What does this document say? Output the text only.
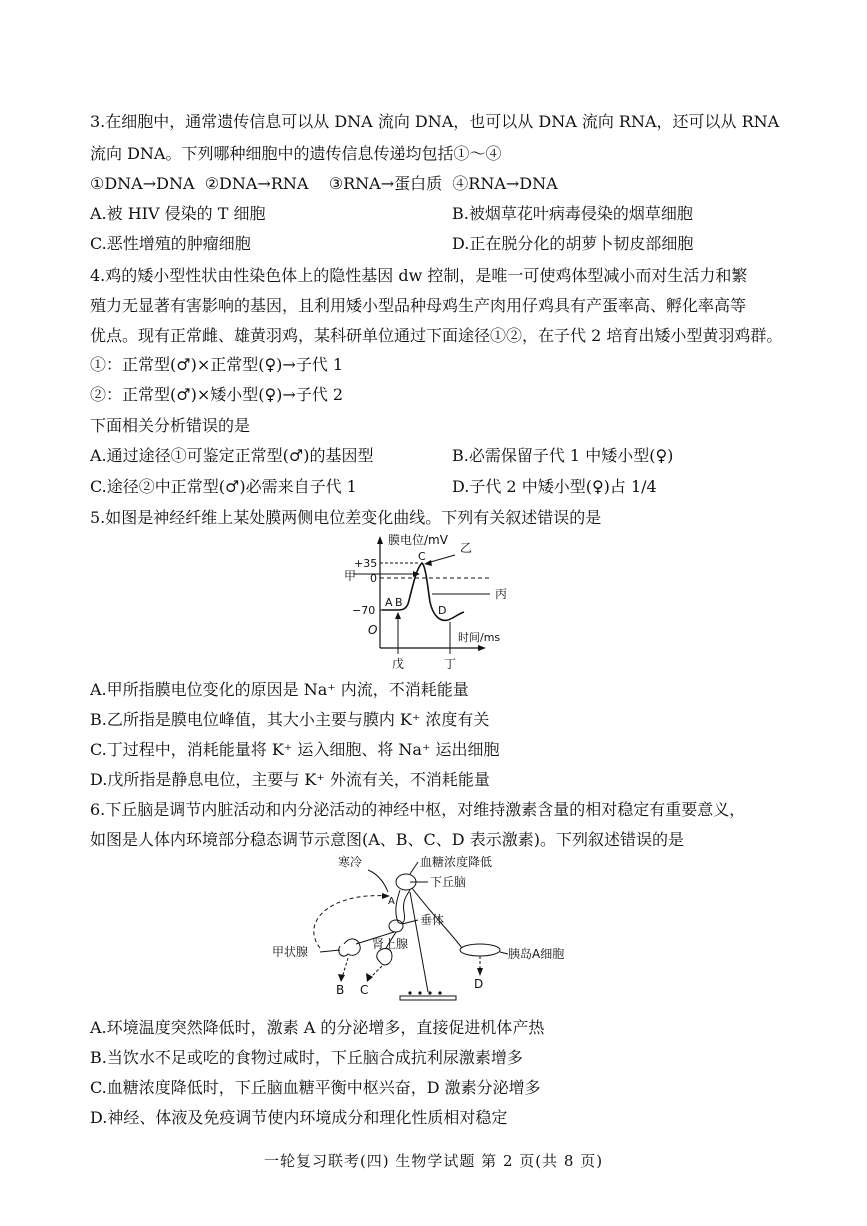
3.在细胞中，通常遗传信息可以从 DNA 流向 DNA，也可以从 DNA 流向 RNA，还可以从 RNA
流向 DNA。下列哪种细胞中的遗传信息传递均包括①～④
①DNA→DNA  ②DNA→RNA    ③RNA→蛋白质  ④RNA→DNA
A.被 HIV 侵染的 T 细胞	B.被烟草花叶病毒侵染的烟草细胞
C.恶性增殖的肿瘤细胞	D.正在脱分化的胡萝卜韧皮部细胞
4.鸡的矮小型性状由性染色体上的隐性基因 dw 控制，是唯一可使鸡体型减小而对生活力和繁
殖力无显著有害影响的基因，且利用矮小型品种母鸡生产肉用仔鸡具有产蛋率高、孵化率高等
优点。现有正常雌、雄黄羽鸡，某科研单位通过下面途径①②，在子代 2 培育出矮小型黄羽鸡群。
①：正常型(♂)×正常型(♀)→子代 1
②：正常型(♂)×矮小型(♀)→子代 2
下面相关分析错误的是
A.通过途径①可鉴定正常型(♂)的基因型	B.必需保留子代 1 中矮小型(♀)
C.途径②中正常型(♂)必需来自子代 1	D.子代 2 中矮小型(♀)占 1/4
5.如图是神经纤维上某处膜两侧电位差变化曲线。下列有关叙述错误的是
膜电位/mV
时间/ms
+35
0
−70
O
甲
A B
C
D
乙
丙
戊	丁
A.甲所指膜电位变化的原因是 Na⁺ 内流，不消耗能量
B.乙所指是膜电位峰值，其大小主要与膜内 K⁺ 浓度有关
C.丁过程中，消耗能量将 K⁺ 运入细胞、将 Na⁺ 运出细胞
D.戊所指是静息电位，主要与 K⁺ 外流有关，不消耗能量
6.下丘脑是调节内脏活动和内分泌活动的神经中枢，对维持激素含量的相对稳定有重要意义，
如图是人体内环境部分稳态调节示意图(A、B、C、D 表示激素)。下列叙述错误的是
寒冷	血糖浓度降低
下丘脑
垂体
甲状腺
肾上腺
胰岛A细胞
B C
A
D
A.环境温度突然降低时，激素 A 的分泌增多，直接促进机体产热
B.当饮水不足或吃的食物过咸时，下丘脑合成抗利尿激素增多
C.血糖浓度降低时，下丘脑血糖平衡中枢兴奋，D 激素分泌增多
D.神经、体液及免疫调节使内环境成分和理化性质相对稳定
一轮复习联考(四) 生物学试题 第 2 页(共 8 页)
